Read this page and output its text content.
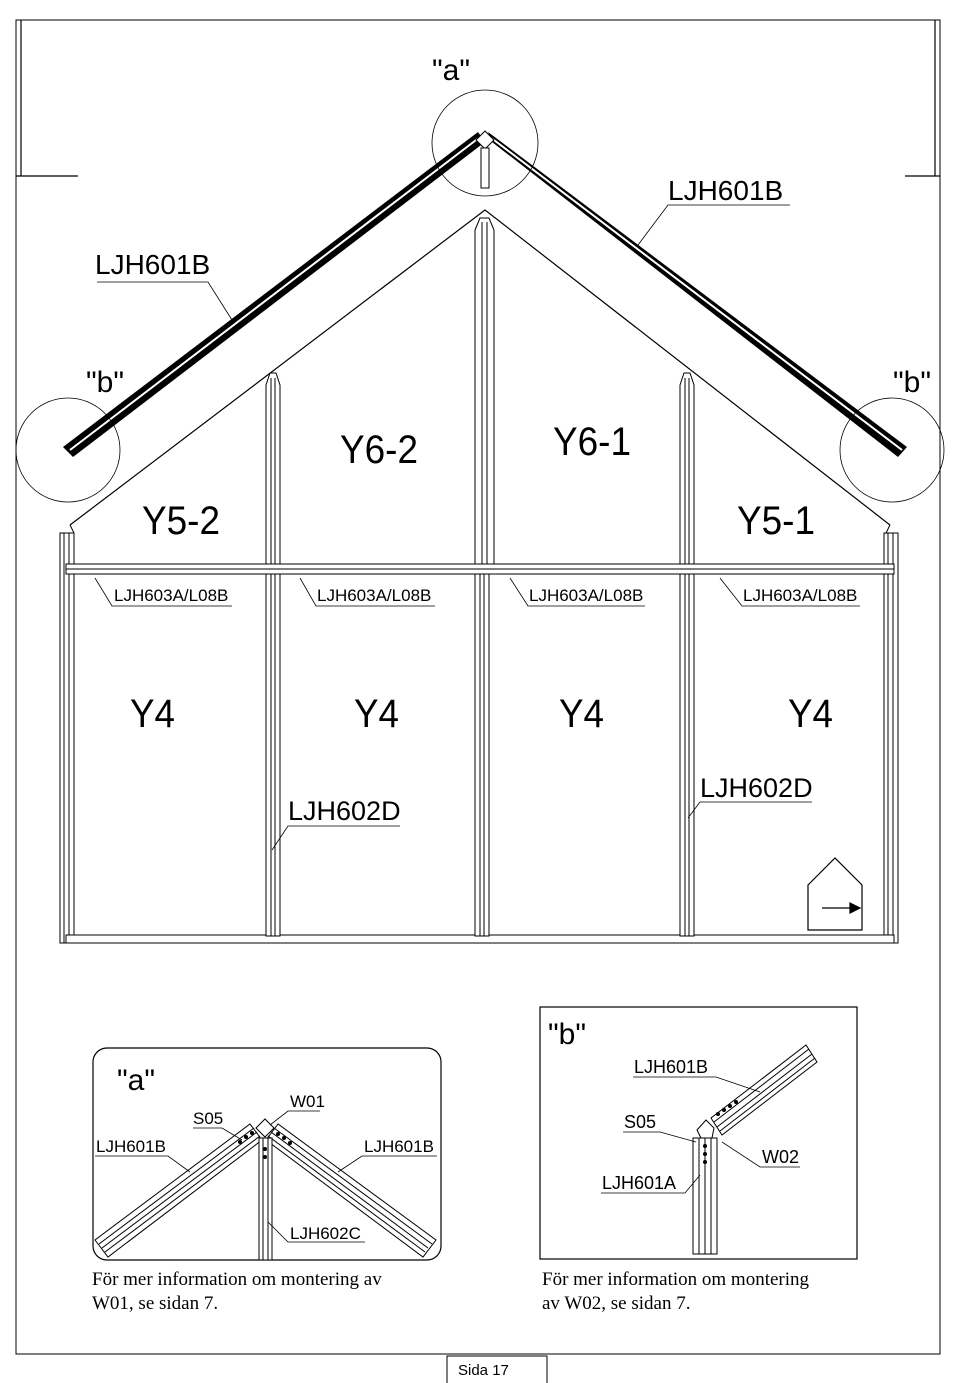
"a"
"b"	"b"
LJH601B
LJH601B
Y5-2
Y6-2	Y6-1
Y5-1
LJH603A/L08B	LJH603A/L08B	LJH603A/L08B	LJH603A/L08B
Y4	Y4	Y4	Y4
LJH602D
LJH602D
"a"
S05
W01
LJH601B	LJH601B
LJH602C
"b"
LJH601B
S05
W02
LJH601A
För mer information om montering av
W01, se sidan 7.
För mer information om montering
av W02, se sidan 7.
Sida 17
